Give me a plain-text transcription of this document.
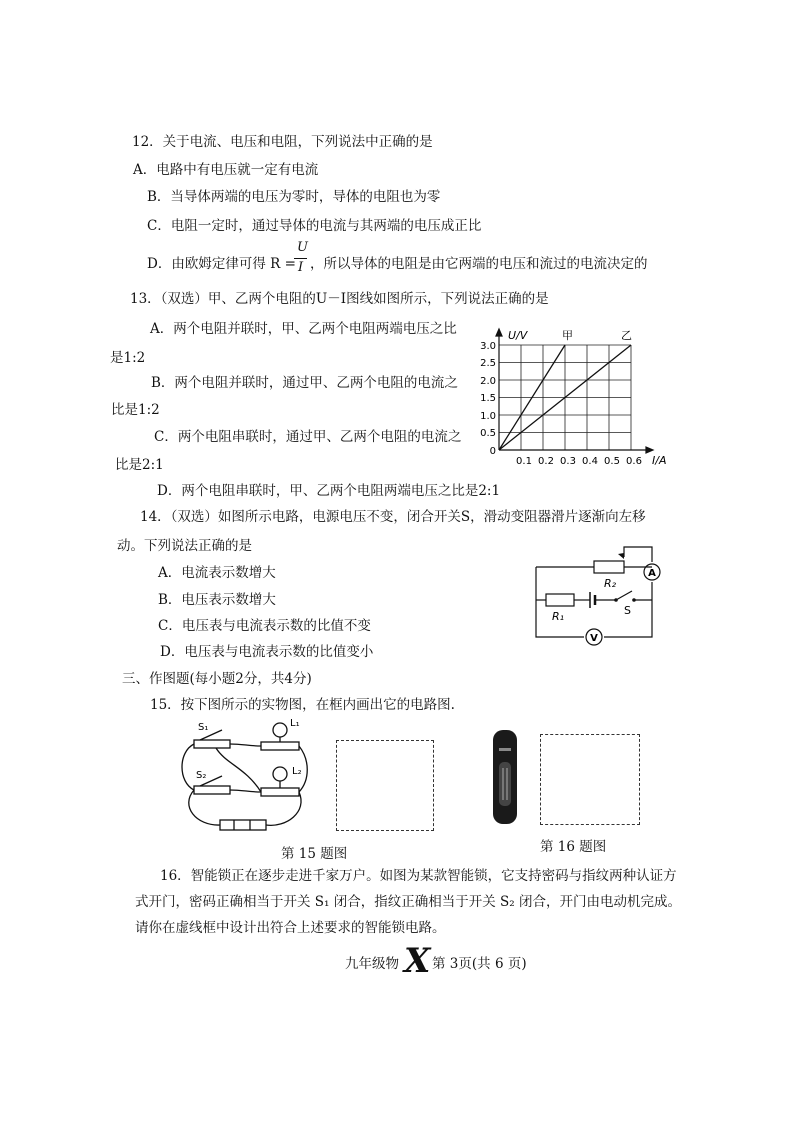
12．关于电流、电压和电阻，下列说法中正确的是
A．电路中有电压就一定有电流
B．当导体两端的电压为零时，导体的电阻也为零
C．电阻一定时，通过导体的电流与其两端的电压成正比
D．由欧姆定律可得 R =
U
I ，所以导体的电阻是由它两端的电压和流过的电流决定的
13．（双选）甲、乙两个电阻的U－I图线如图所示，下列说法正确的是
A．两个电阻并联时，甲、乙两个电阻两端电压之比
是1:2
B．两个电阻并联时，通过甲、乙两个电阻的电流之
比是1:2
C．两个电阻串联时，通过甲、乙两个电阻的电流之
比是2:1
D．两个电阻串联时，甲、乙两个电阻两端电压之比是2:1
U/V	甲	乙
I/A
3.0
2.5
2.0
1.5
1.0
0.5
0
0.1 0.2 0.3 0.4 0.5 0.6
14．（双选）如图所示电路，电源电压不变，闭合开关S，滑动变阻器滑片逐渐向左移
动。下列说法正确的是
A．电流表示数增大
B．电压表示数增大
C．电压表与电流表示数的比值不变
D．电压表与电流表示数的比值变小
R₂
R₁	S
A
V
三、作图题(每小题2分，共4分)
15．按下图所示的实物图，在框内画出它的电路图.
S₁	L₁
S₂	L₂
第 15 题图	第 16 题图
16．智能锁正在逐步走进千家万户。如图为某款智能锁，它支持密码与指纹两种认证方
式开门，密码正确相当于开关 S₁ 闭合，指纹正确相当于开关 S₂ 闭合，开门由电动机完成。
请你在虚线框中设计出符合上述要求的智能锁电路。
九年级物 X 第 3页(共 6 页)
